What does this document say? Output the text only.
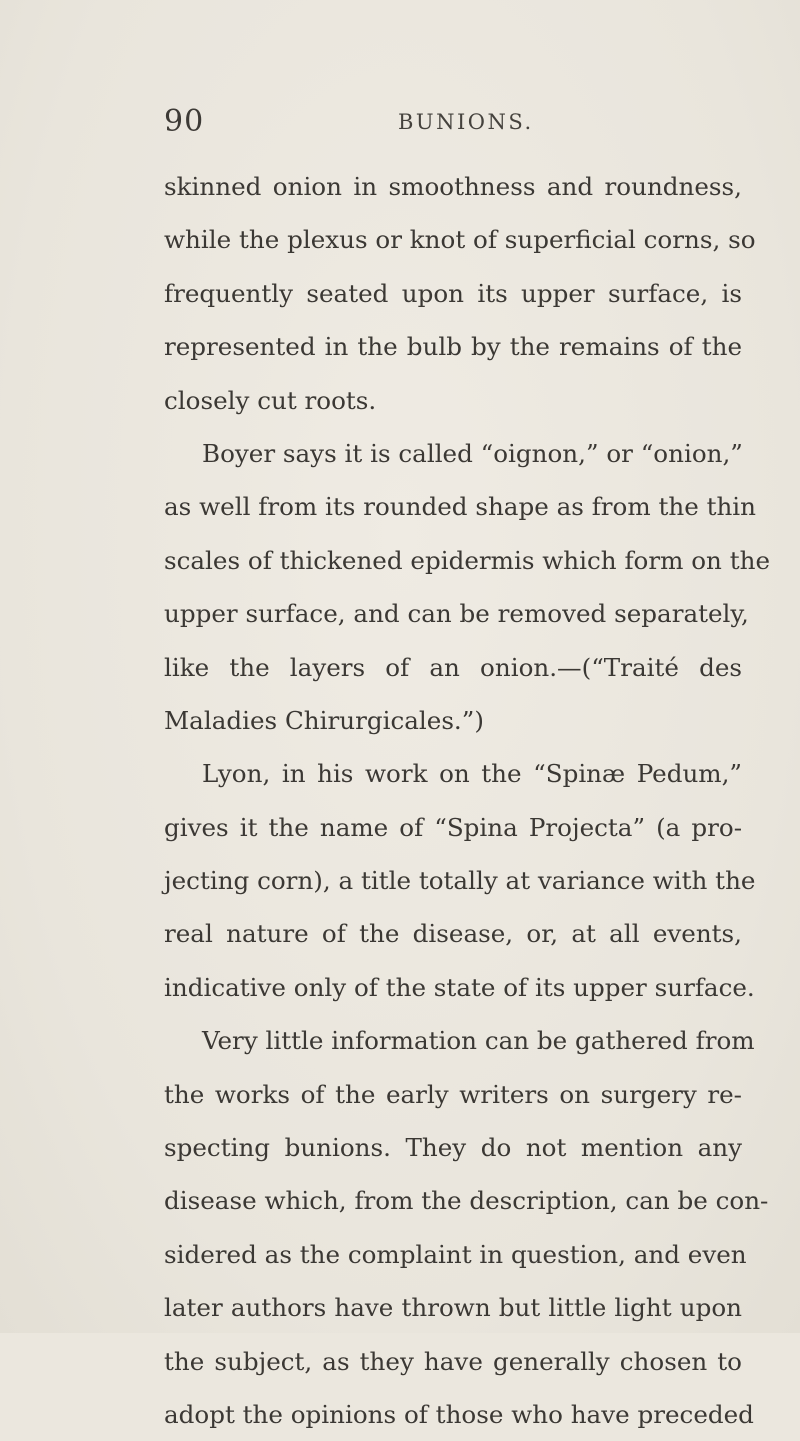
90	BUNIONS.
skinned onion in smoothness and roundness,
while the plexus or knot of superficial corns, so
frequently seated upon its upper surface, is
represented in the bulb by the remains of the
closely cut roots.
Boyer says it is called “oignon,” or “onion,”
as well from its rounded shape as from the thin
scales of thickened epidermis which form on the
upper surface, and can be removed separately,
like the layers of an onion.—(“Traité des
Maladies Chirurgicales.”)
Lyon, in his work on the “Spinæ Pedum,”
gives it the name of “Spina Projecta” (a pro-
jecting corn), a title totally at variance with the
real nature of the disease, or, at all events,
indicative only of the state of its upper surface.
Very little information can be gathered from
the works of the early writers on surgery re-
specting bunions. They do not mention any
disease which, from the description, can be con-
sidered as the complaint in question, and even
later authors have thrown but little light upon
the subject, as they have generally chosen to
adopt the opinions of those who have preceded
